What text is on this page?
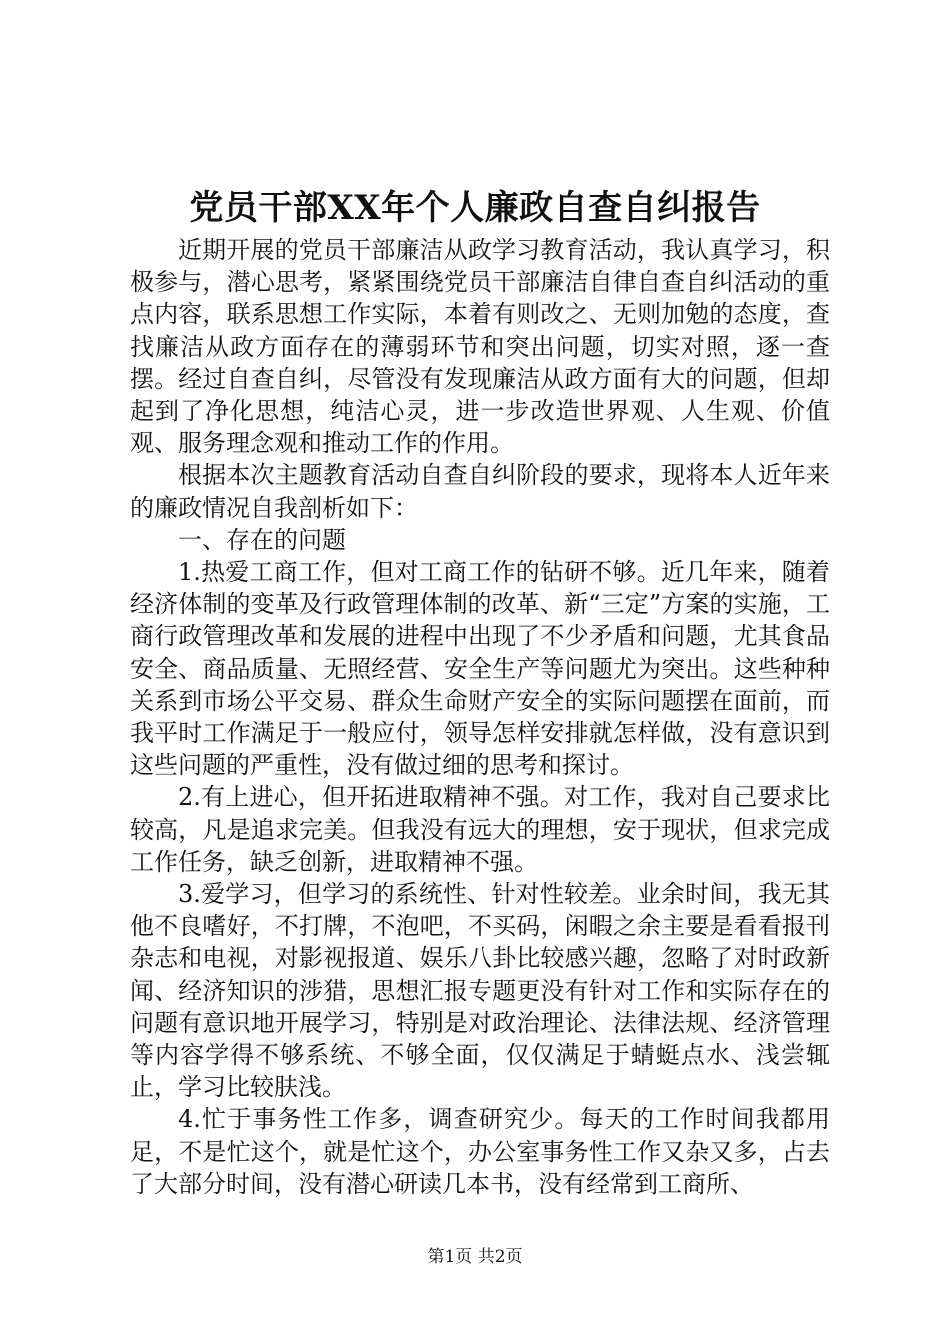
党员干部XX年个人廉政自查自纠报告

近期开展的党员干部廉洁从政学习教育活动，我认真学习，积极参与，潜心思考，紧紧围绕党员干部廉洁自律自查自纠活动的重点内容，联系思想工作实际，本着有则改之、无则加勉的态度，查找廉洁从政方面存在的薄弱环节和突出问题，切实对照，逐一查摆。经过自查自纠，尽管没有发现廉洁从政方面有大的问题，但却起到了净化思想，纯洁心灵，进一步改造世界观、人生观、价值观、服务理念观和推动工作的作用。

根据本次主题教育活动自查自纠阶段的要求，现将本人近年来的廉政情况自我剖析如下：

一、存在的问题

1.热爱工商工作，但对工商工作的钻研不够。近几年来，随着经济体制的变革及行政管理体制的改革、新“三定”方案的实施，工商行政管理改革和发展的进程中出现了不少矛盾和问题，尤其食品安全、商品质量、无照经营、安全生产等问题尤为突出。这些种种关系到市场公平交易、群众生命财产安全的实际问题摆在面前，而我平时工作满足于一般应付，领导怎样安排就怎样做，没有意识到这些问题的严重性，没有做过细的思考和探讨。

2.有上进心，但开拓进取精神不强。对工作，我对自己要求比较高，凡是追求完美。但我没有远大的理想，安于现状，但求完成工作任务，缺乏创新，进取精神不强。

3.爱学习，但学习的系统性、针对性较差。业余时间，我无其他不良嗜好，不打牌，不泡吧，不买码，闲暇之余主要是看看报刊杂志和电视，对影视报道、娱乐八卦比较感兴趣，忽略了对时政新闻、经济知识的涉猎，思想汇报专题更没有针对工作和实际存在的问题有意识地开展学习，特别是对政治理论、法律法规、经济管理等内容学得不够系统、不够全面，仅仅满足于蜻蜓点水、浅尝辄止，学习比较肤浅。

4.忙于事务性工作多，调查研究少。每天的工作时间我都用足，不是忙这个，就是忙这个，办公室事务性工作又杂又多，占去了大部分时间，没有潜心研读几本书，没有经常到工商所、

第1页 共2页
